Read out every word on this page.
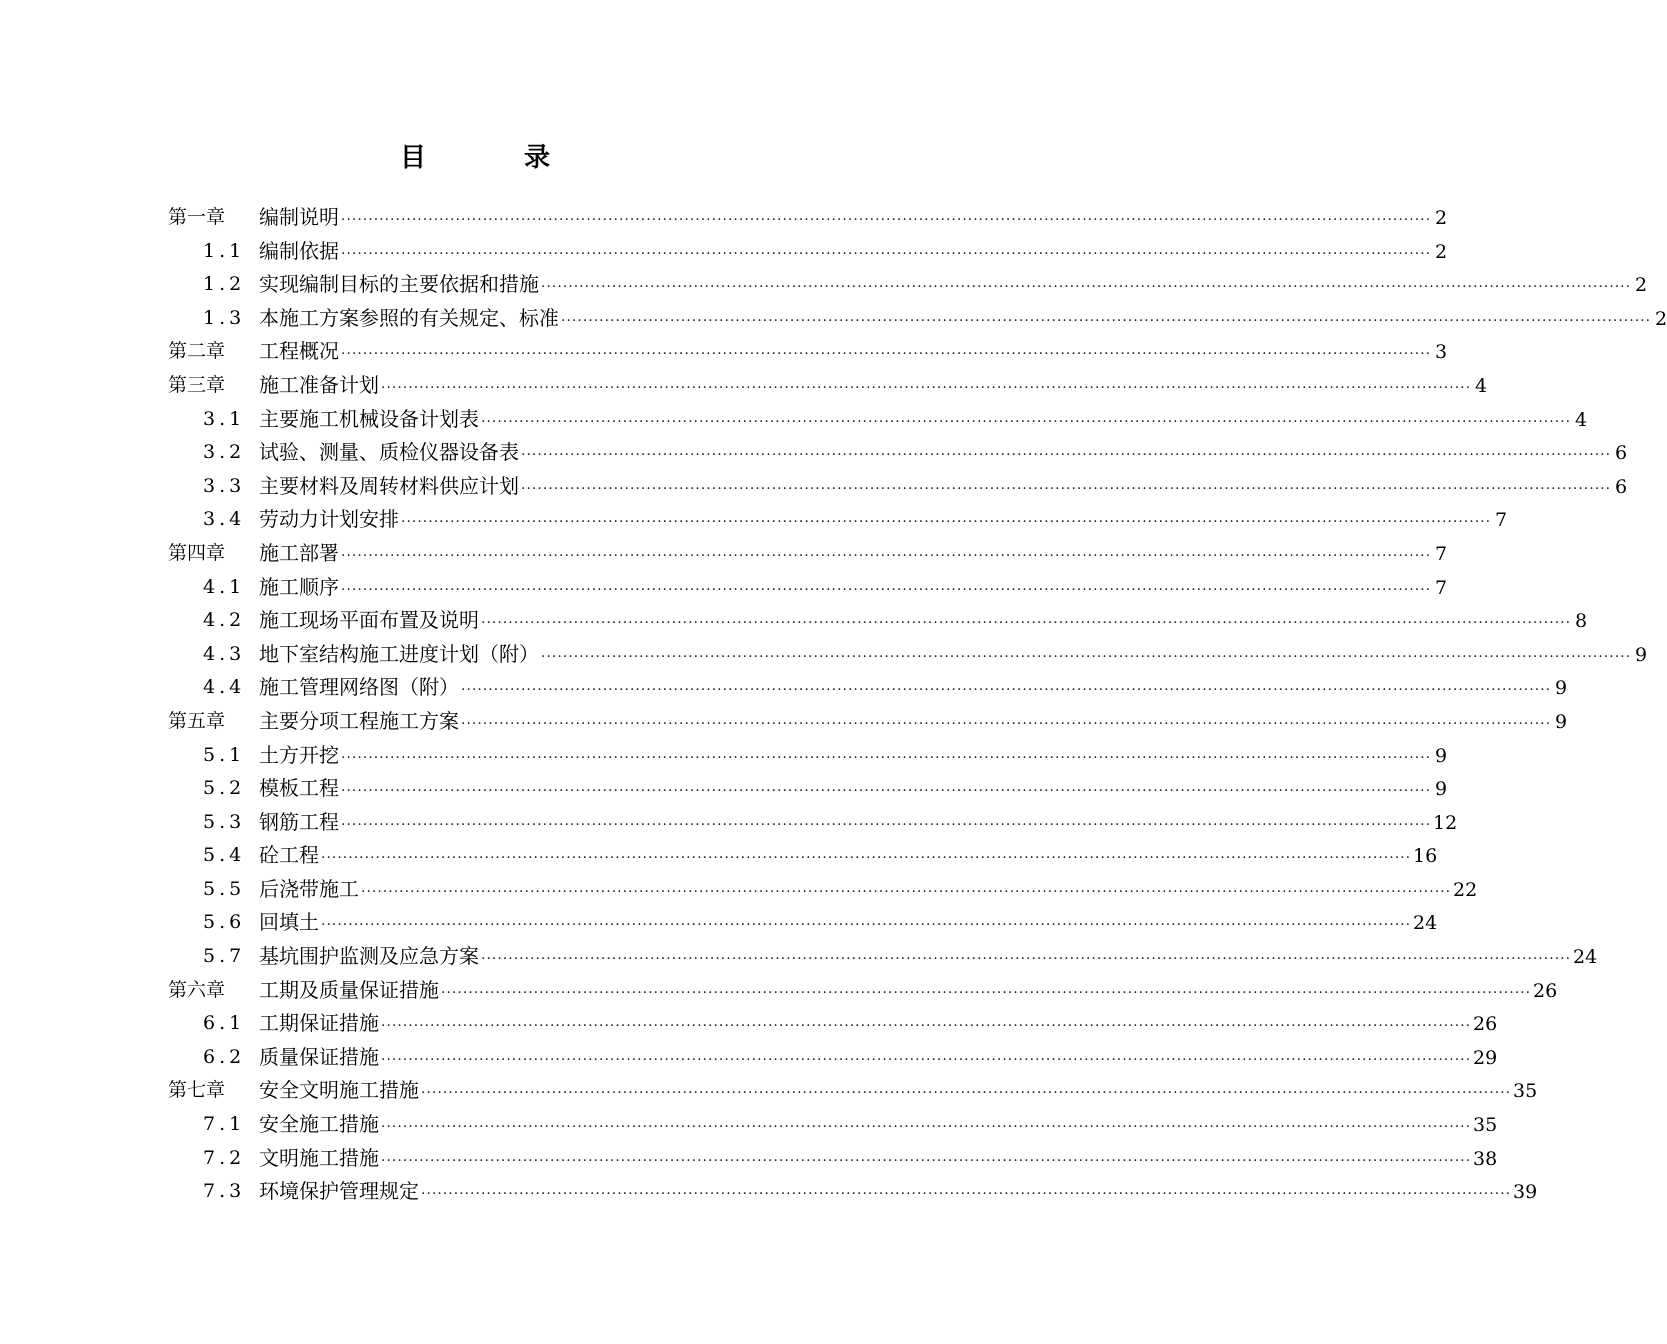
目	录
第一章 编制说明 ········································································································································································································ 2
1.1 编制依据 ········································································································································································································ 2
1.2 实现编制目标的主要依据和措施 ········································································································································································································ 2
1.3 本施工方案参照的有关规定、标准 ········································································································································································································ 2
第二章 工程概况 ········································································································································································································ 3
第三章 施工准备计划 ········································································································································································································ 4
3.1 主要施工机械设备计划表 ········································································································································································································ 4
3.2 试验、测量、质检仪器设备表 ········································································································································································································ 6
3.3 主要材料及周转材料供应计划 ········································································································································································································ 6
3.4 劳动力计划安排 ········································································································································································································ 7
第四章 施工部署 ········································································································································································································ 7
4.1 施工顺序 ········································································································································································································ 7
4.2 施工现场平面布置及说明 ········································································································································································································ 8
4.3 地下室结构施工进度计划（附） ········································································································································································································ 9
4.4 施工管理网络图（附） ········································································································································································································ 9
第五章 主要分项工程施工方案 ········································································································································································································ 9
5.1 土方开挖 ········································································································································································································ 9
5.2 模板工程 ········································································································································································································ 9
5.3 钢筋工程 ········································································································································································································ 12
5.4 砼工程 ········································································································································································································ 16
5.5 后浇带施工 ········································································································································································································ 22
5.6 回填土 ········································································································································································································ 24
5.7 基坑围护监测及应急方案 ········································································································································································································ 24
第六章 工期及质量保证措施 ········································································································································································································ 26
6.1 工期保证措施 ········································································································································································································ 26
6.2 质量保证措施 ········································································································································································································ 29
第七章 安全文明施工措施 ········································································································································································································ 35
7.1 安全施工措施 ········································································································································································································ 35
7.2 文明施工措施 ········································································································································································································ 38
7.3 环境保护管理规定 ········································································································································································································ 39
